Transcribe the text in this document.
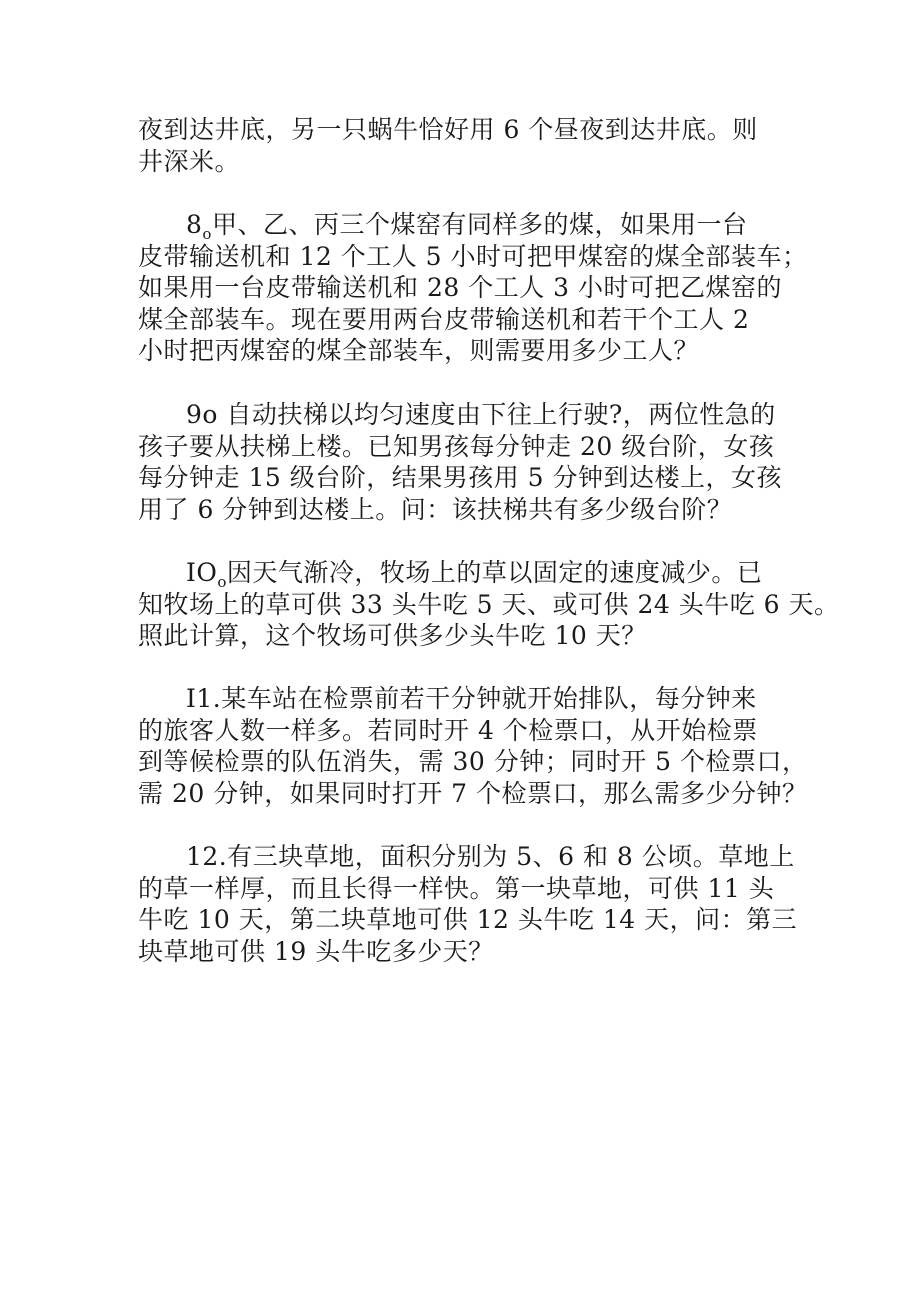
夜到达井底，另一只蜗牛恰好用 6 个昼夜到达井底。则
井深米。
$8_o$甲、乙、丙三个煤窑有同样多的煤，如果用一台
皮带输送机和 12 个工人 5 小时可把甲煤窑的煤全部装车；
如果用一台皮带输送机和 28 个工人 3 小时可把乙煤窑的
煤全部装车。现在要用两台皮带输送机和若干个工人 2
小时把丙煤窑的煤全部装车，则需要用多少工人？
9o 自动扶梯以均匀速度由下往上行驶?，两位性急的
孩子要从扶梯上楼。已知男孩每分钟走 20 级台阶，女孩
每分钟走 15 级台阶，结果男孩用 5 分钟到达楼上，女孩
用了 6 分钟到达楼上。问：该扶梯共有多少级台阶？
$IO_o$因天气渐冷，牧场上的草以固定的速度减少。已
知牧场上的草可供 33 头牛吃 5 天、或可供 24 头牛吃 6 天。
照此计算，这个牧场可供多少头牛吃 10 天？
I1.某车站在检票前若干分钟就开始排队，每分钟来
的旅客人数一样多。若同时开 4 个检票口，从开始检票
到等候检票的队伍消失，需 30 分钟；同时开 5 个检票口，
需 20 分钟，如果同时打开 7 个检票口，那么需多少分钟？
12.有三块草地，面积分别为 5、6 和 8 公顷。草地上
的草一样厚，而且长得一样快。第一块草地，可供 11 头
牛吃 10 天，第二块草地可供 12 头牛吃 14 天，问：第三
块草地可供 19 头牛吃多少天？
